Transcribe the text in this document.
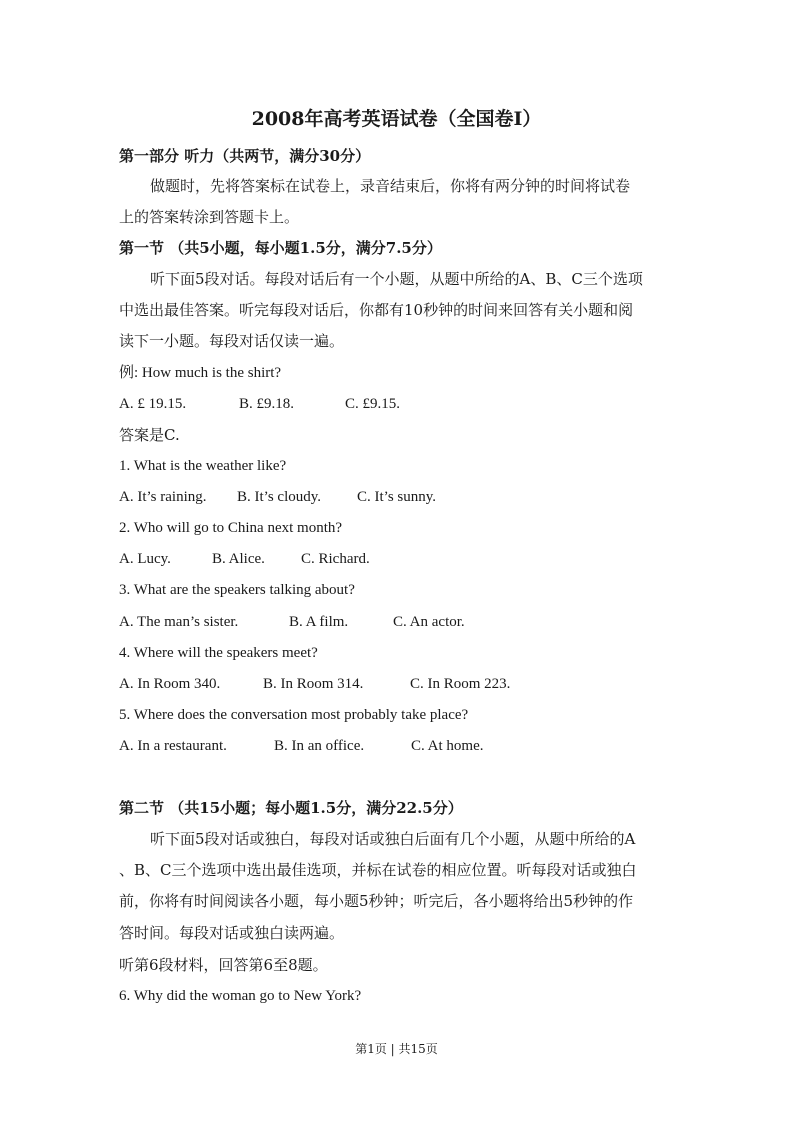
2008年高考英语试卷（全国卷I）
第一部分 听力（共两节，满分30分）
做题时，先将答案标在试卷上，录音结束后，你将有两分钟的时间将试卷
上的答案转涂到答题卡上。
第一节 （共5小题，每小题1.5分，满分7.5分）
听下面5段对话。每段对话后有一个小题，从题中所给的A、B、C三个选项
中选出最佳答案。听完每段对话后，你都有10秒钟的时间来回答有关小题和阅
读下一小题。每段对话仅读一遍。
例: How much is the shirt?
A. £ 19.15.	B. £9.18.	C. £9.15.
答案是C.
1. What is the weather like?
A. It’s raining. B. It’s cloudy. C. It’s sunny.
2. Who will go to China next month?
A. Lucy.	B. Alice. C. Richard.
3. What are the speakers talking about?
A. The man’s sister.	B. A film.	C. An actor.
4. Where will the speakers meet?
A. In Room 340.	B. In Room 314.	C. In Room 223.
5. Where does the conversation most probably take place?
A. In a restaurant.	B. In an office.	C. At home.
第二节 （共15小题；每小题1.5分，满分22.5分）
听下面5段对话或独白，每段对话或独白后面有几个小题，从题中所给的A
、B、C三个选项中选出最佳选项，并标在试卷的相应位置。听每段对话或独白
前，你将有时间阅读各小题，每小题5秒钟；听完后，各小题将给出5秒钟的作
答时间。每段对话或独白读两遍。
听第6段材料，回答第6至8题。
6. Why did the woman go to New York?
第1页 | 共15页
